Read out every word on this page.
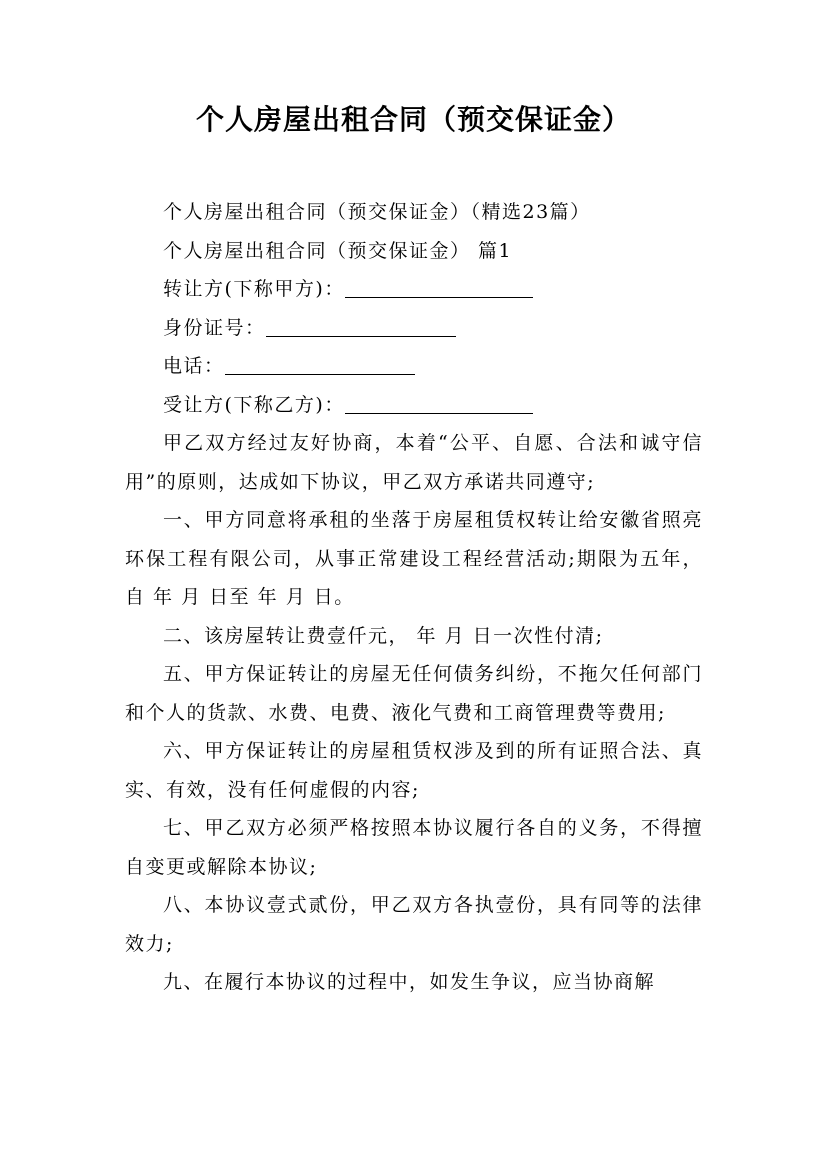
个人房屋出租合同（预交保证金）

个人房屋出租合同（预交保证金）（精选23篇）

个人房屋出租合同（预交保证金） 篇1

转让方(下称甲方)：

身份证号：

电话：

受让方(下称乙方)：

甲乙双方经过友好协商，本着“公平、自愿、合法和诚守信用”的原则，达成如下协议，甲乙双方承诺共同遵守;

一、甲方同意将承租的坐落于房屋租赁权转让给安徽省照亮环保工程有限公司，从事正常建设工程经营活动;期限为五年，自 年 月 日至 年 月 日。

二、该房屋转让费壹仟元， 年 月 日一次性付清;

五、甲方保证转让的房屋无任何债务纠纷，不拖欠任何部门和个人的货款、水费、电费、液化气费和工商管理费等费用;

六、甲方保证转让的房屋租赁权涉及到的所有证照合法、真实、有效，没有任何虚假的内容;

七、甲乙双方必须严格按照本协议履行各自的义务，不得擅自变更或解除本协议;

八、本协议壹式贰份，甲乙双方各执壹份，具有同等的法律效力;

九、在履行本协议的过程中，如发生争议，应当协商解
